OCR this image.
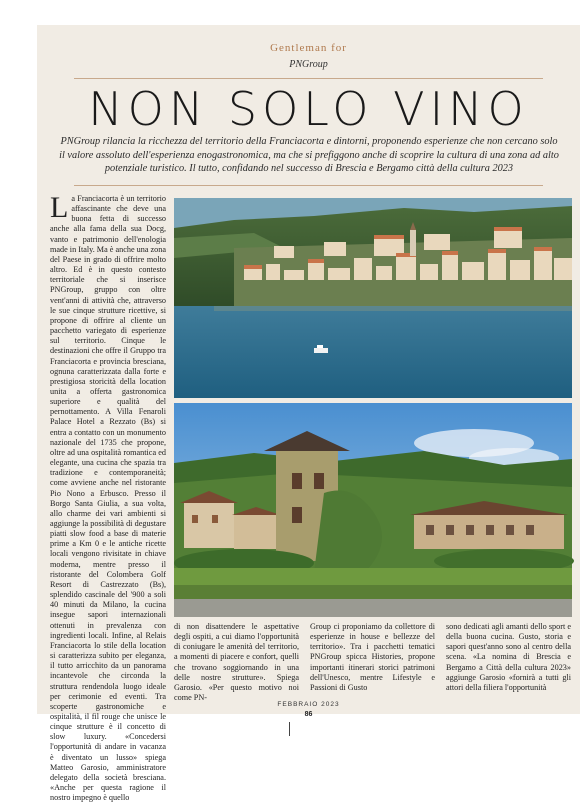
Gentleman for
PNGroup
NON SOLO VINO
PNGroup rilancia la ricchezza del territorio della Franciacorta e dintorni, proponendo esperienze che non cercano solo il valore assoluto dell'esperienza enogastronomica, ma che si prefiggono anche di scoprire la cultura di una zona ad alto potenziale turistico. Il tutto, confidando nel successo di Brescia e Bergamo città della cultura 2023
La Franciacorta è un territorio affascinante che deve una buona fetta di successo anche alla fama della sua Docg, vanto e patrimonio dell'enologia made in Italy. Ma è anche una zona del Paese in grado di offrire molto altro. Ed è in questo contesto territoriale che si inserisce PNGroup, gruppo con oltre vent'anni di attività che, attraverso le sue cinque strutture ricettive, si propone di offrire al cliente un pacchetto variegato di esperienze sul territorio. Cinque le destinazioni che offre il Gruppo tra Franciacorta e provincia bresciana, ognuna caratterizzata dalla forte e prestigiosa storicità della location unita a offerta gastronomica superiore e qualità del pernottamento. A Villa Fenaroli Palace Hotel a Rezzato (Bs) si entra a contatto con un monumento nazionale del 1735 che propone, oltre ad una ospitalità romantica ed elegante, una cucina che spazia tra tradizione e contemporaneità; come avviene anche nel ristorante Pio Nono a Erbusco. Presso il Borgo Santa Giulia, a sua volta, allo charme dei vari ambienti si aggiunge la possibilità di degustare piatti slow food a base di materie prime a Km 0 e le antiche ricette locali vengono rivisitate in chiave moderna, mentre presso il ristorante del Colombera Golf Resort di Castrezzato (Bs), splendido cascinale del '900 a soli 40 minuti da Milano, la cucina insegue sapori internazionali ottenuti in prevalenza con ingredienti locali. Infine, al Relais Franciacorta lo stile della location si caratterizza subito per eleganza, il tutto arricchito da un panorama incantevole che circonda la struttura rendendola luogo ideale per cerimonie ed eventi. Tra scoperte gastronomiche e ospitalità, il fil rouge che unisce le cinque strutture è il concetto di slow luxury. «Concedersi l'opportunità di andare in vacanza è diventato un lusso» spiega Matteo Garosio, amministratore delegato della società bresciana. «Anche per questa ragione il nostro impegno è quello
di non disattendere le aspettative degli ospiti, a cui diamo l'opportunità di coniugare le amenità del territorio, a momenti di piacere e confort, quelli che trovano soggiornando in una delle nostre strutture». Spiega Garosio. «Per questo motivo noi come PN-
Group ci proponiamo da collettore di esperienze in house e bellezze del territorio». Tra i pacchetti tematici PNGroup spicca Histories, propone importanti itinerari storici patrimoni dell'Unesco, mentre Lifestyle e Passioni di Gusto
sono dedicati agli amanti dello sport e della buona cucina. Gusto, storia e sapori quest'anno sono al centro della scena. «La nomina di Brescia e Bergamo a Città della cultura 2023» aggiunge Garosio «fornirà a tutti gli attori della filiera l'opportunità
FEBBRAIO 2023
86
